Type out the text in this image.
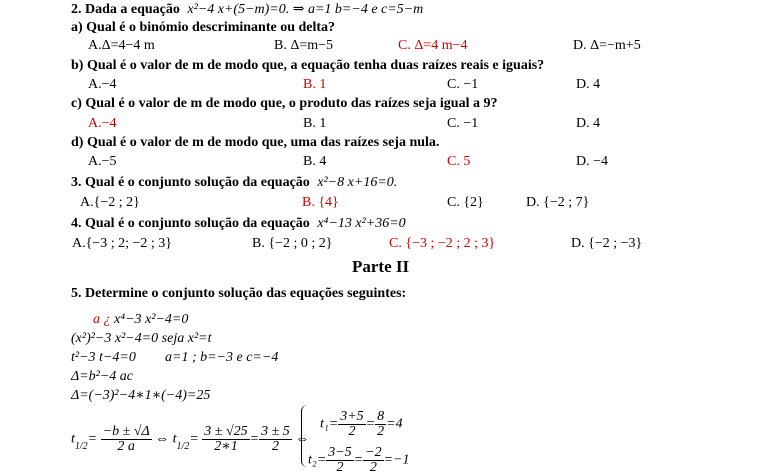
2. Dada a equação x²−4 x+(5−m)=0. ⇒ a=1 b=−4 e c=5−m
a) Qual é o binómio descriminante ou delta?
A.Δ=4−4 m	B. Δ=m−5	C. Δ=4 m−4	D. Δ=−m+5
b) Qual é o valor de m de modo que, a equação tenha duas raízes reais e iguais?
A.−4	B. 1	C. −1	D. 4
c) Qual é o valor de m de modo que, o produto das raízes seja igual a 9?
A.−4	B. 1	C. −1	D. 4
d) Qual é o valor de m de modo que, uma das raízes seja nula.
A.−5	B. 4	C. 5	D. −4
3. Qual é o conjunto solução da equação x²−8 x+16=0.
A.{−2 ; 2}	B. {4}	C. {2}	D. {−2 ; 7}
4. Qual é o conjunto solução da equação x⁴−13 x²+36=0
A.{−3 ; 2; −2 ; 3}	B. {−2 ; 0 ; 2}	C. {−3 ; −2 ; 2 ; 3}	D. {−2 ; −3}
Parte II
5. Determine o conjunto solução das equações seguintes:
a ¿ x⁴−3 x²−4=0
(x²)²−3 x²−4=0 seja x²=t
t²−3 t−4=0 a=1 ; b=−3 e c=−4
Δ=b²−4 ac
Δ=(−3)²−4∗1∗(−4)=25
$t_{1/2}= \frac{-b \pm √\Delta}{2 a}$ ⇔ $t_{1/2}= \frac{3 \pm √25}{2∗1} = \frac{3 \pm 5}{2}$ ⇔
$t_1= \frac{3+5}{2} = \frac{8}{2} =4$
$t_2= \frac{3-5}{2} = \frac{-2}{2} =-1$
